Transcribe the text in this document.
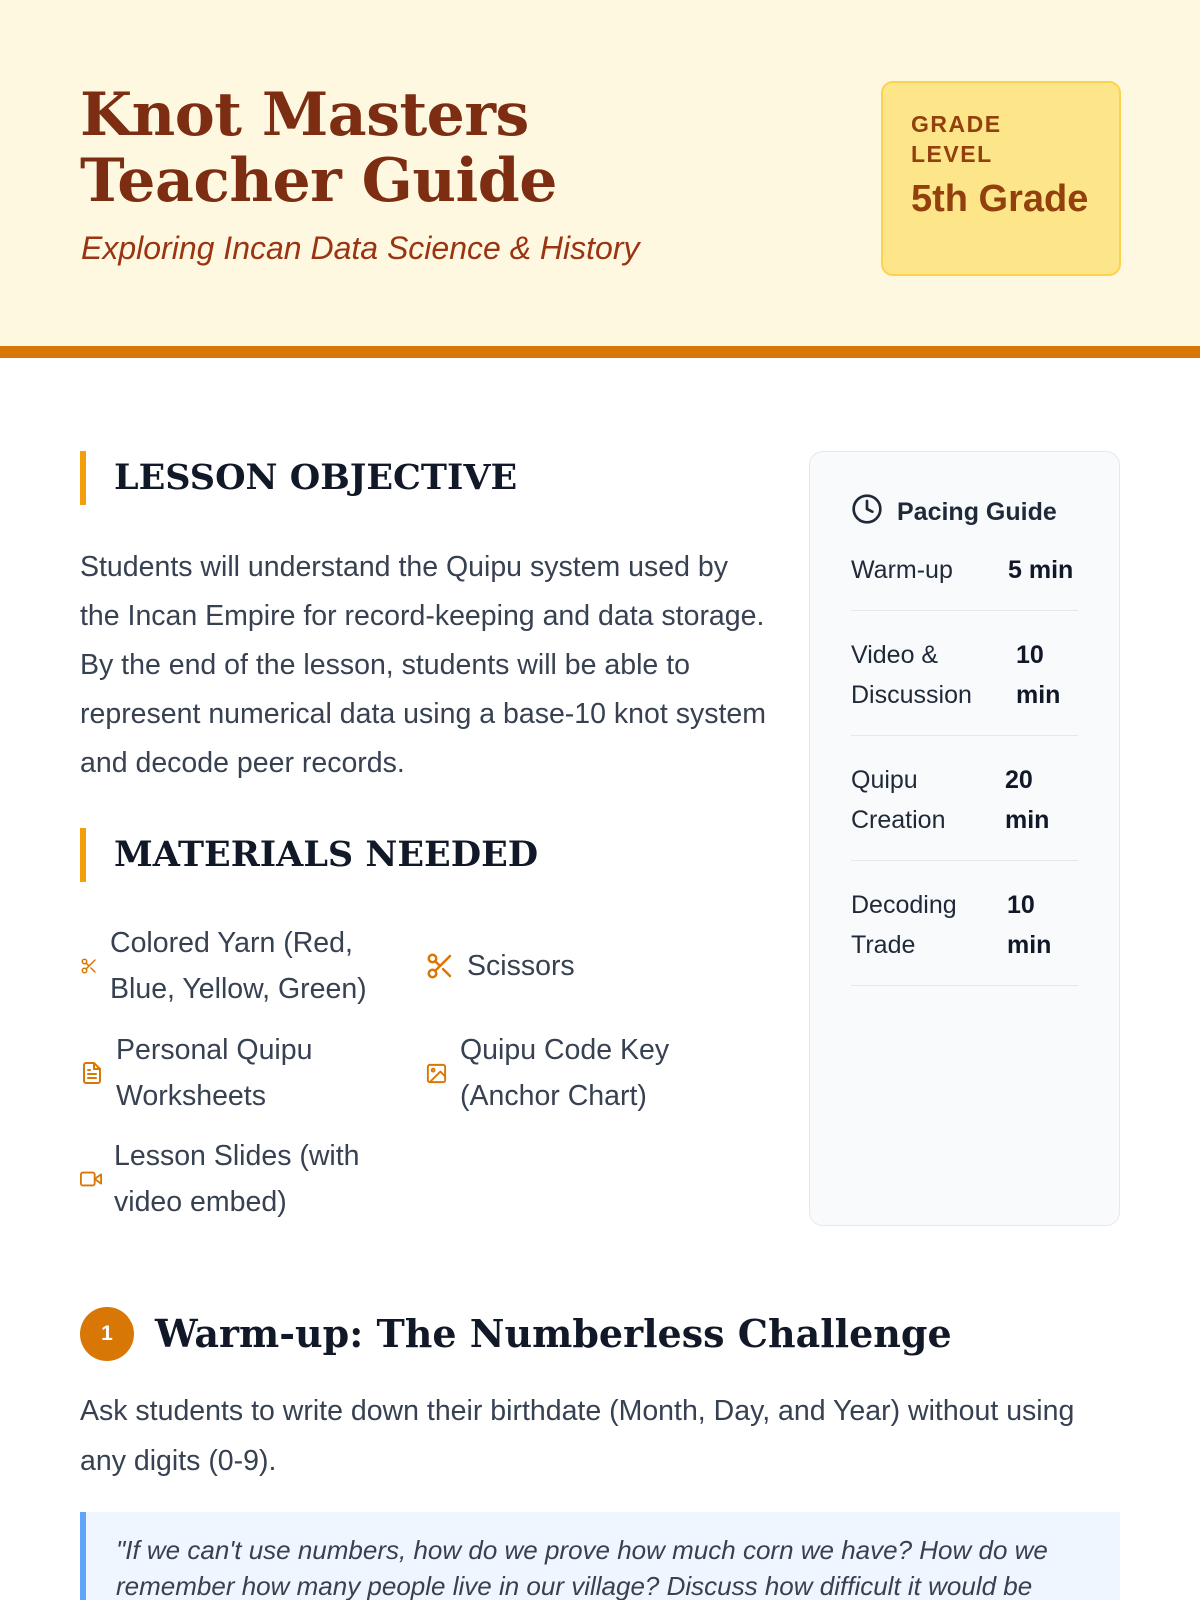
Knot Masters Teacher Guide
Exploring Incan Data Science & History
GRADE LEVEL
5th Grade
LESSON OBJECTIVE

Students will understand the Quipu system used by the Incan Empire for record-keeping and data storage. By the end of the lesson, students will be able to represent numerical data using a base-10 knot system and decode peer records.

MATERIALS NEEDED
Colored Yarn (Red, Blue, Yellow, Green)
Scissors
Personal Quipu Worksheets
Quipu Code Key (Anchor Chart)
Lesson Slides (with video embed)
Pacing Guide
Warm-up	5 min
Video & Discussion
10 min
Quipu Creation
20 min
Decoding Trade
10 min
1	Warm-up: The Numberless Challenge

Ask students to write down their birthdate (Month, Day, and Year) without using any digits (0-9).

"If we can't use numbers, how do we prove how much corn we have? How do we remember how many people live in our village? Discuss how difficult it would be
